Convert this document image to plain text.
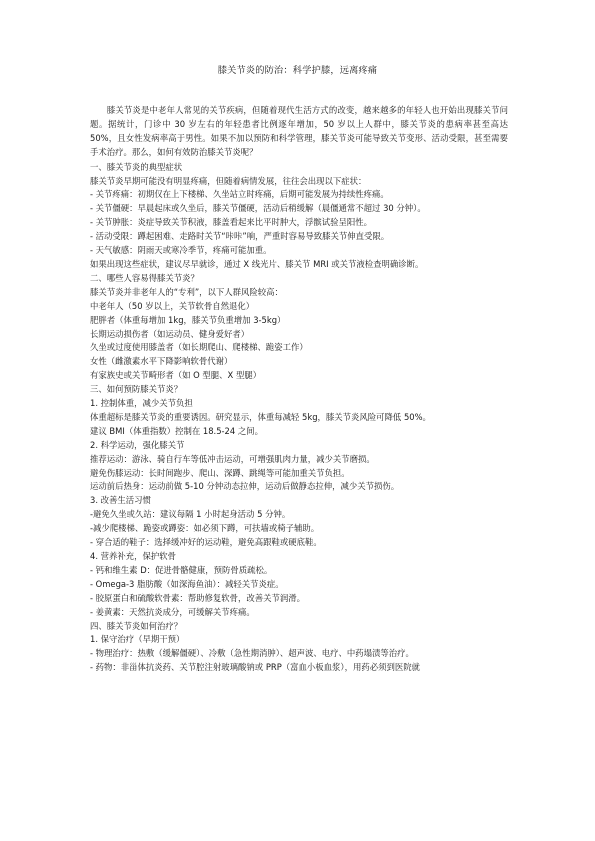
膝关节炎的防治：科学护膝，远离疼痛

膝关节炎是中老年人常见的关节疾病，但随着现代生活方式的改变，越来越多的年轻人也开始出现膝关节问题。据统计，门诊中 30 岁左右的年轻患者比例逐年增加，50 岁以上人群中，膝关节炎的患病率甚至高达 50%，且女性发病率高于男性。如果不加以预防和科学管理，膝关节炎可能导致关节变形、活动受限，甚至需要手术治疗。那么，如何有效防治膝关节炎呢？

一、膝关节炎的典型症状

膝关节炎早期可能没有明显疼痛，但随着病情发展，往往会出现以下症状：

- 关节疼痛：初期仅在上下楼梯、久坐站立时疼痛，后期可能发展为持续性疼痛。

- 关节僵硬：早晨起床或久坐后，膝关节僵硬，活动后稍缓解（晨僵通常不超过 30 分钟）。

- 关节肿胀：炎症导致关节积液，膝盖看起来比平时肿大，浮髌试验呈阳性。

- 活动受限：蹲起困难、走路时关节“咔咔”响，严重时容易导致膝关节伸直受限。

- 天气敏感：阴雨天或寒冷季节，疼痛可能加重。

如果出现这些症状，建议尽早就诊，通过 X 线光片、膝关节 MRI 或关节液检查明确诊断。

二、哪些人容易得膝关节炎？

膝关节炎并非老年人的“专利”，以下人群风险较高：

中老年人（50 岁以上，关节软骨自然退化）

肥胖者（体重每增加 1kg，膝关节负重增加 3-5kg）

长期运动损伤者（如运动员、健身爱好者）

久坐或过度使用膝盖者（如长期爬山、爬楼梯、跪姿工作）

女性（雌激素水平下降影响软骨代谢）

有家族史或关节畸形者（如 O 型腿、X 型腿）

三、如何预防膝关节炎？

1. 控制体重，减少关节负担

体重超标是膝关节炎的重要诱因。研究显示，体重每减轻 5kg，膝关节炎风险可降低 50%。

建议 BMI（体重指数）控制在 18.5-24 之间。

2. 科学运动，强化膝关节

推荐运动：游泳、骑自行车等低冲击运动，可增强肌肉力量，减少关节磨损。

避免伤膝运动：长时间跑步、爬山、深蹲、跳绳等可能加重关节负担。

运动前后热身：运动前做 5-10 分钟动态拉伸，运动后做静态拉伸，减少关节损伤。

3. 改善生活习惯

-避免久坐或久站：建议每隔 1 小时起身活动 5 分钟。

-减少爬楼梯、跪姿或蹲姿：如必须下蹲，可扶墙或椅子辅助。

- 穿合适的鞋子：选择缓冲好的运动鞋，避免高跟鞋或硬底鞋。

4. 营养补充，保护软骨

- 钙和维生素 D：促进骨骼健康，预防骨质疏松。

- Omega-3 脂肪酸（如深海鱼油）：减轻关节炎症。

- 胶原蛋白和硫酸软骨素：帮助修复软骨，改善关节润滑。

- 姜黄素：天然抗炎成分，可缓解关节疼痛。

四、膝关节炎如何治疗？

1. 保守治疗（早期干预）

- 物理治疗：热敷（缓解僵硬）、冷敷（急性期消肿）、超声波、电疗、中药塌渍等治疗。

- 药物：非甾体抗炎药、关节腔注射玻璃酸钠或 PRP（富血小板血浆），用药必须到医院就
